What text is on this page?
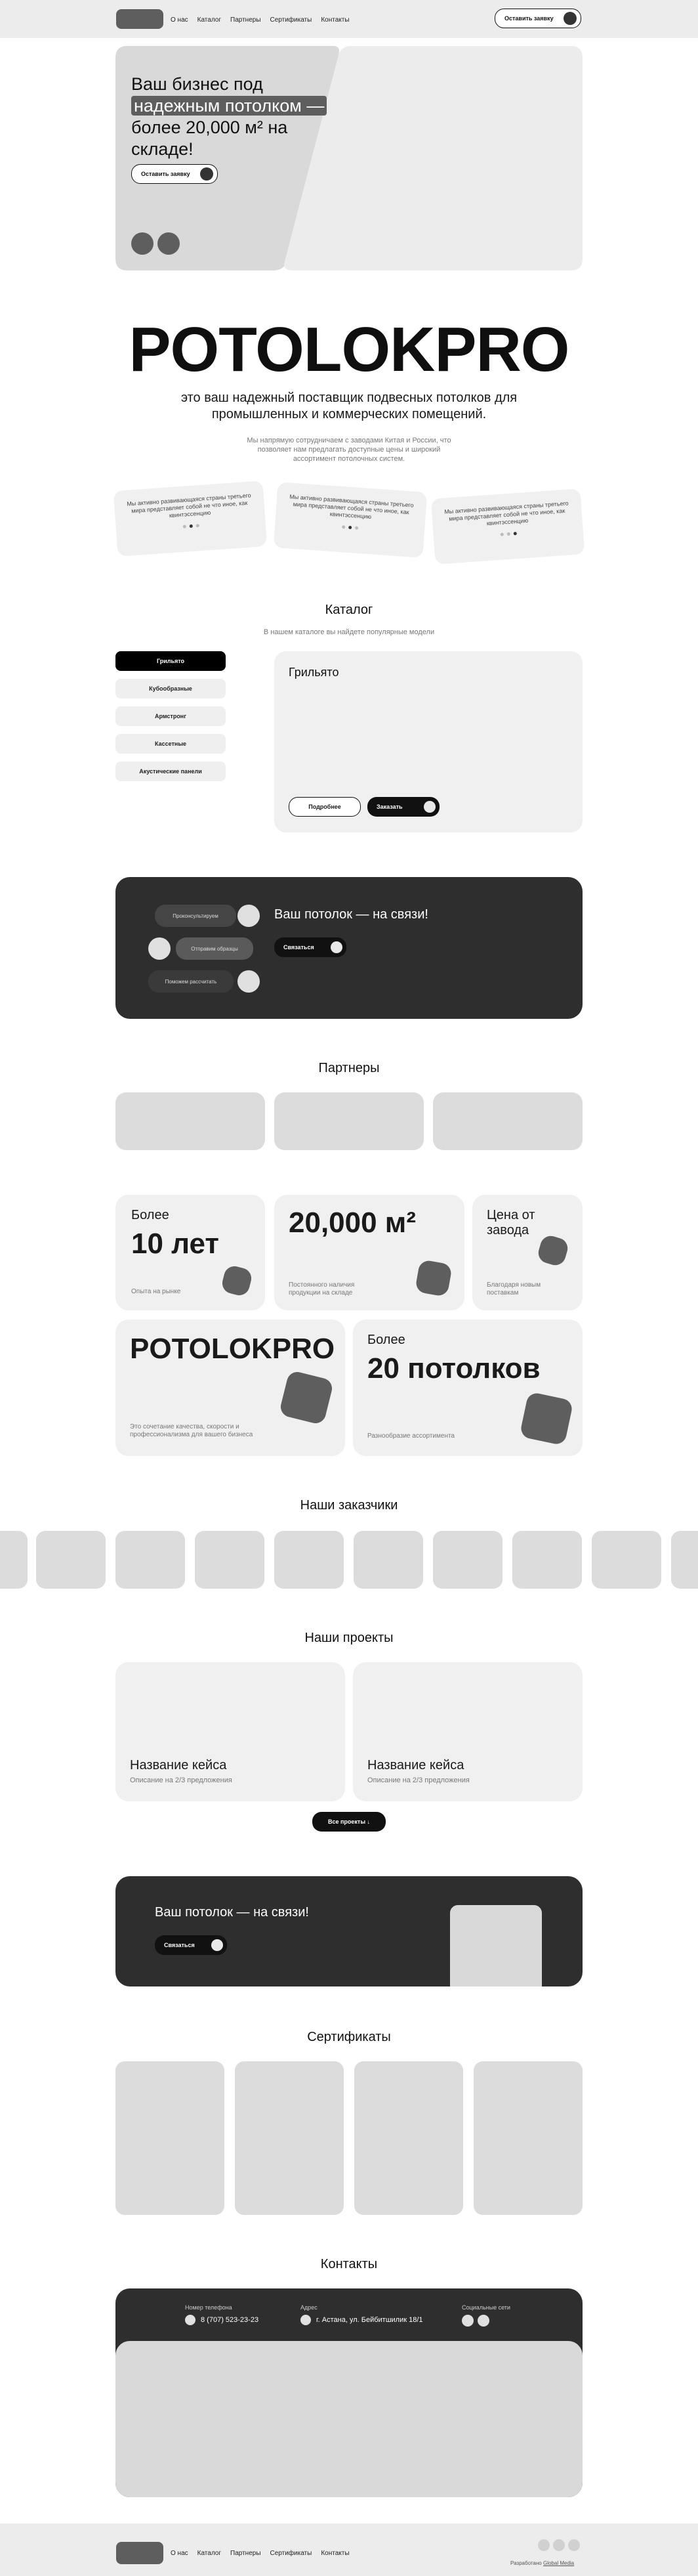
О нас Каталог Партнеры Сертификаты Контакты	Оставить заявку
Ваш бизнес под
надежным потолком —
более 20,000 м² на
складе!
Оставить заявку
POTOLOKPRO
это ваш надежный поставщик подвесных потолков для
промышленных и коммерческих помещений.
Мы напрямую сотрудничаем с заводами Китая и России, что
позволяет нам предлагать доступные цены и широкий
ассортимент потолочных систем.
Мы активно развивающаяся страны третьего мира представляет собой не что иное, как квинтэссенцию
Мы активно развивающаяся страны третьего мира представляет собой не что иное, как квинтэссенцию
Мы активно развивающаяся страны третьего мира представляет собой не что иное, как квинтэссенцию
Каталог
В нашем каталоге вы найдете популярные модели
Грильято
Кубообразные
Армстронг
Кассетные
Акустические панели
Грильято
Подробнее	Заказать
Проконсультируем
Отправим образцы
Поможем рассчитать
Ваш потолок — на связи!
Связаться
Партнеры
Более
10 лет
Опыта на рынке
20,000 м²
Постоянного наличия
продукции на складе
Цена от
завода
Благодаря новым
поставкам
POTOLOKPRO
Это сочетание качества, скорости и
профессионализма для вашего бизнеса
Более
20 потолков
Разнообразие ассортимента
Наши заказчики
Наши проекты
Название кейса
Описание на 2/3 предложения
Название кейса
Описание на 2/3 предложения
Все проекты ↓
Ваш потолок — на связи!
Связаться
Сертификаты
Контакты
Номер телефона
8 (707) 523-23-23
Адрес
г. Астана, ул. Бейбитшилик 18/1
Социальные сети
О нас Каталог Партнеры Сертификаты Контакты
Разработано Global Media
